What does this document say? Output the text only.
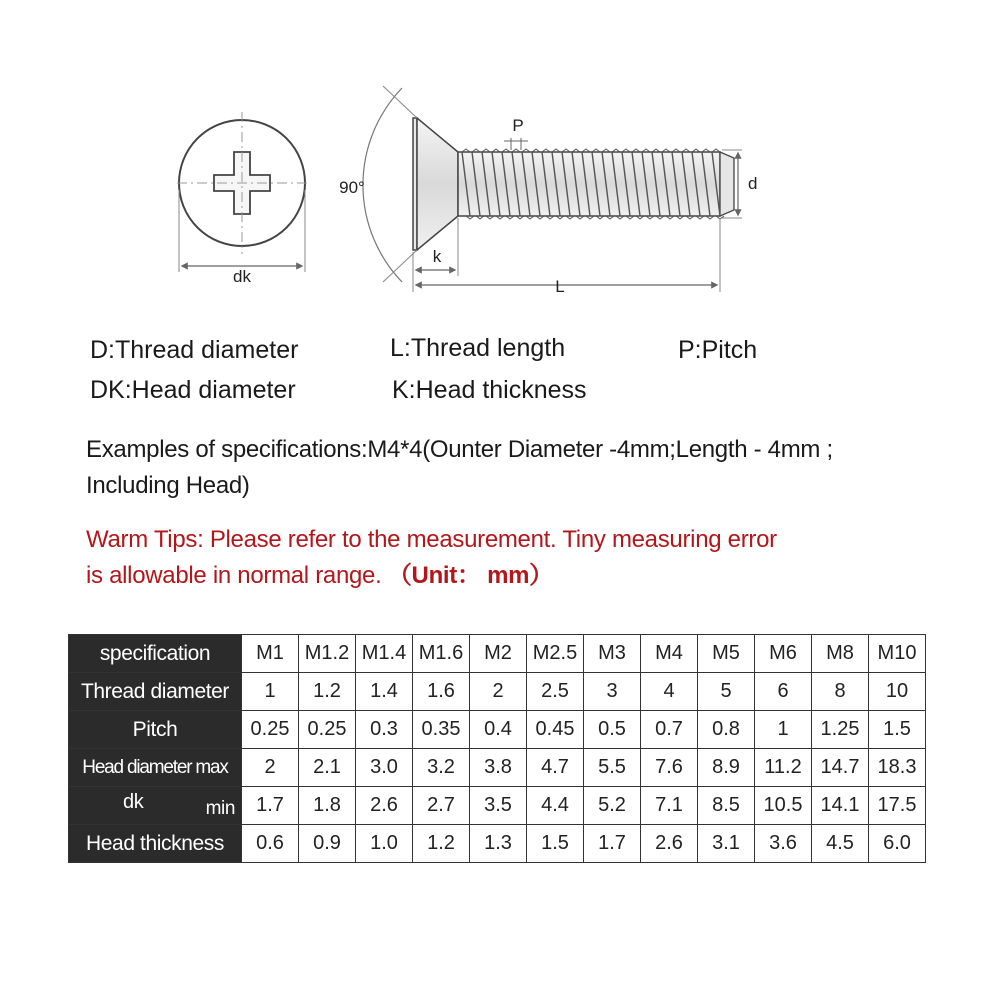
dk
90°
P
d
k
L
D:Thread diameter	L:Thread length	P:Pitch
DK:Head diameter	K:Head thickness
Examples of specifications:M4*4(Ounter Diameter -4mm;Length - 4mm ;
Including Head)
Warm Tips: Please refer to the measurement. Tiny measuring error
is allowable in normal range. （Unit： mm）
specification	M1	M1.2	M1.4	M1.6	M2	M2.5	M3	M4	M5	M6	M8	M10
Thread diameter	1	1.2	1.4	1.6	2	2.5	3	4	5	6	8	10
Pitch	0.25	0.25	0.3	0.35	0.4	0.45	0.5	0.7	0.8	1	1.25	1.5
Head diameter max	2	2.1	3.0	3.2	3.8	4.7	5.5	7.6	8.9	11.2	14.7	18.3

dk min	1.7	1.8	2.6	2.7	3.5	4.4	5.2	7.1	8.5	10.5	14.1	17.5
Head thickness	0.6	0.9	1.0	1.2	1.3	1.5	1.7	2.6	3.1	3.6	4.5	6.0
